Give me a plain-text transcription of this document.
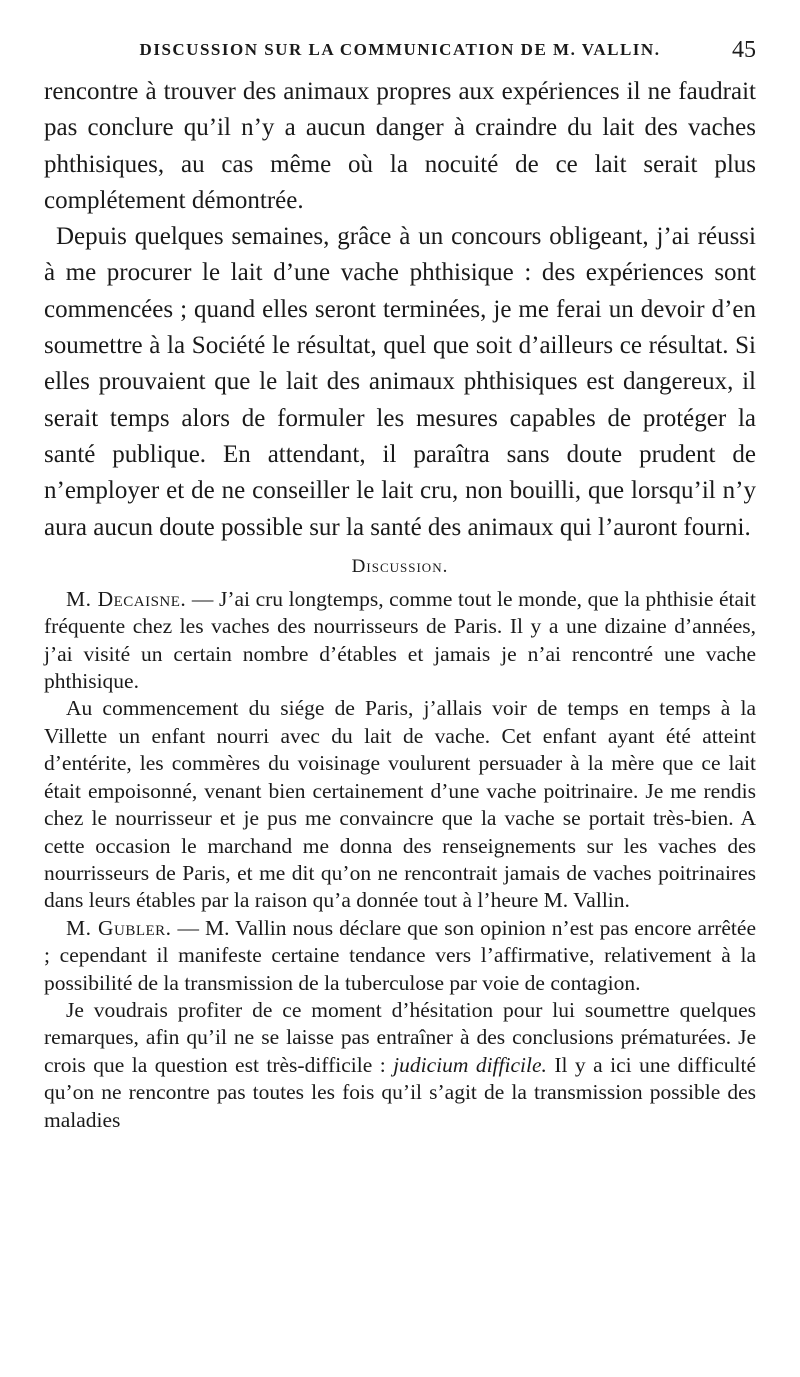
DISCUSSION SUR LA COMMUNICATION DE M. VALLIN.	45

rencontre à trouver des animaux propres aux expériences il ne faudrait pas conclure qu’il n’y a aucun danger à craindre du lait des vaches phthisiques, au cas même où la nocuité de ce lait serait plus complétement démontrée.

Depuis quelques semaines, grâce à un concours obligeant, j’ai réussi à me procurer le lait d’une vache phthisique : des expériences sont commencées ; quand elles seront terminées, je me ferai un devoir d’en soumettre à la Société le résultat, quel que soit d’ailleurs ce résultat. Si elles prouvaient que le lait des animaux phthisiques est dangereux, il serait temps alors de formuler les mesures capables de protéger la santé publique. En attendant, il paraîtra sans doute prudent de n’employer et de ne conseiller le lait cru, non bouilli, que lorsqu’il n’y aura aucun doute possible sur la santé des animaux qui l’auront fourni.

Discussion.

M. Decaisne. — J’ai cru longtemps, comme tout le monde, que la phthisie était fréquente chez les vaches des nourrisseurs de Paris. Il y a une dizaine d’années, j’ai visité un certain nombre d’étables et jamais je n’ai rencontré une vache phthisique.

Au commencement du siége de Paris, j’allais voir de temps en temps à la Villette un enfant nourri avec du lait de vache. Cet enfant ayant été atteint d’entérite, les commères du voisinage voulurent persuader à la mère que ce lait était empoisonné, venant bien certainement d’une vache poitrinaire. Je me rendis chez le nourrisseur et je pus me convaincre que la vache se portait très-bien. A cette occasion le marchand me donna des renseignements sur les vaches des nourrisseurs de Paris, et me dit qu’on ne rencontrait jamais de vaches poitrinaires dans leurs étables par la raison qu’a donnée tout à l’heure M. Vallin.

M. Gubler. — M. Vallin nous déclare que son opinion n’est pas encore arrêtée ; cependant il manifeste certaine tendance vers l’affirmative, relativement à la possibilité de la transmission de la tuberculose par voie de contagion.

Je voudrais profiter de ce moment d’hésitation pour lui soumettre quelques remarques, afin qu’il ne se laisse pas entraîner à des conclusions prématurées. Je crois que la question est très-difficile : judicium difficile. Il y a ici une difficulté qu’on ne rencontre pas toutes les fois qu’il s’agit de la transmission possible des maladies
